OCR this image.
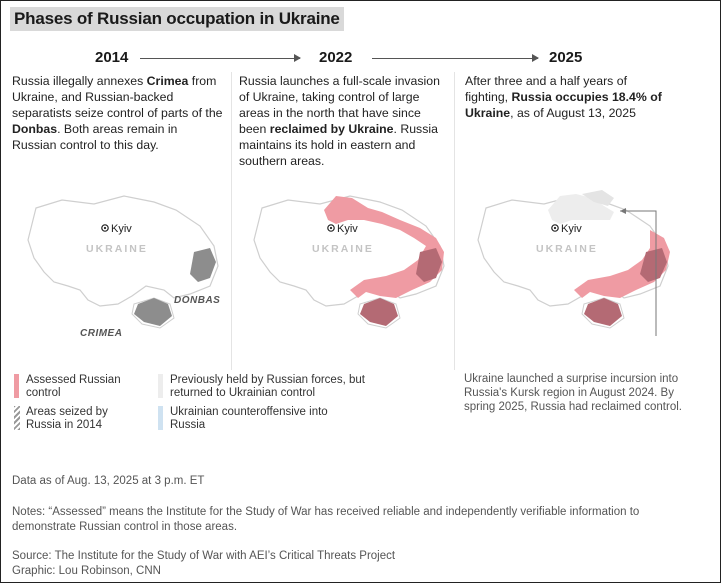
Phases of Russian occupation in Ukraine
2014	2022	2025
Russia illegally annexes Crimea from Ukraine, and Russian-backed separatists seize control of parts of the Donbas. Both areas remain in Russian control to this day.
Russia launches a full-scale invasion of Ukraine, taking control of large areas in the north that have since been reclaimed by Ukraine. Russia maintains its hold in eastern and southern areas.
After three and a half years of fighting, Russia occupies 18.4% of Ukraine, as of August 13, 2025
Kyiv
UKRAINE
DONBAS
CRIMEA
Kyiv
UKRAINE
Kyiv
UKRAINE
Assessed Russian control
Areas seized by Russia in 2014
Previously held by Russian forces, but returned to Ukrainian control
Ukrainian counteroffensive into Russia
Ukraine launched a surprise incursion into Russia's Kursk region in August 2024. By spring 2025, Russia had reclaimed control.
Data as of Aug. 13, 2025 at 3 p.m. ET
Notes: “Assessed” means the Institute for the Study of War has received reliable and independently verifiable information to demonstrate Russian control in those areas.
Source: The Institute for the Study of War with AEI’s Critical Threats Project
Graphic: Lou Robinson, CNN
